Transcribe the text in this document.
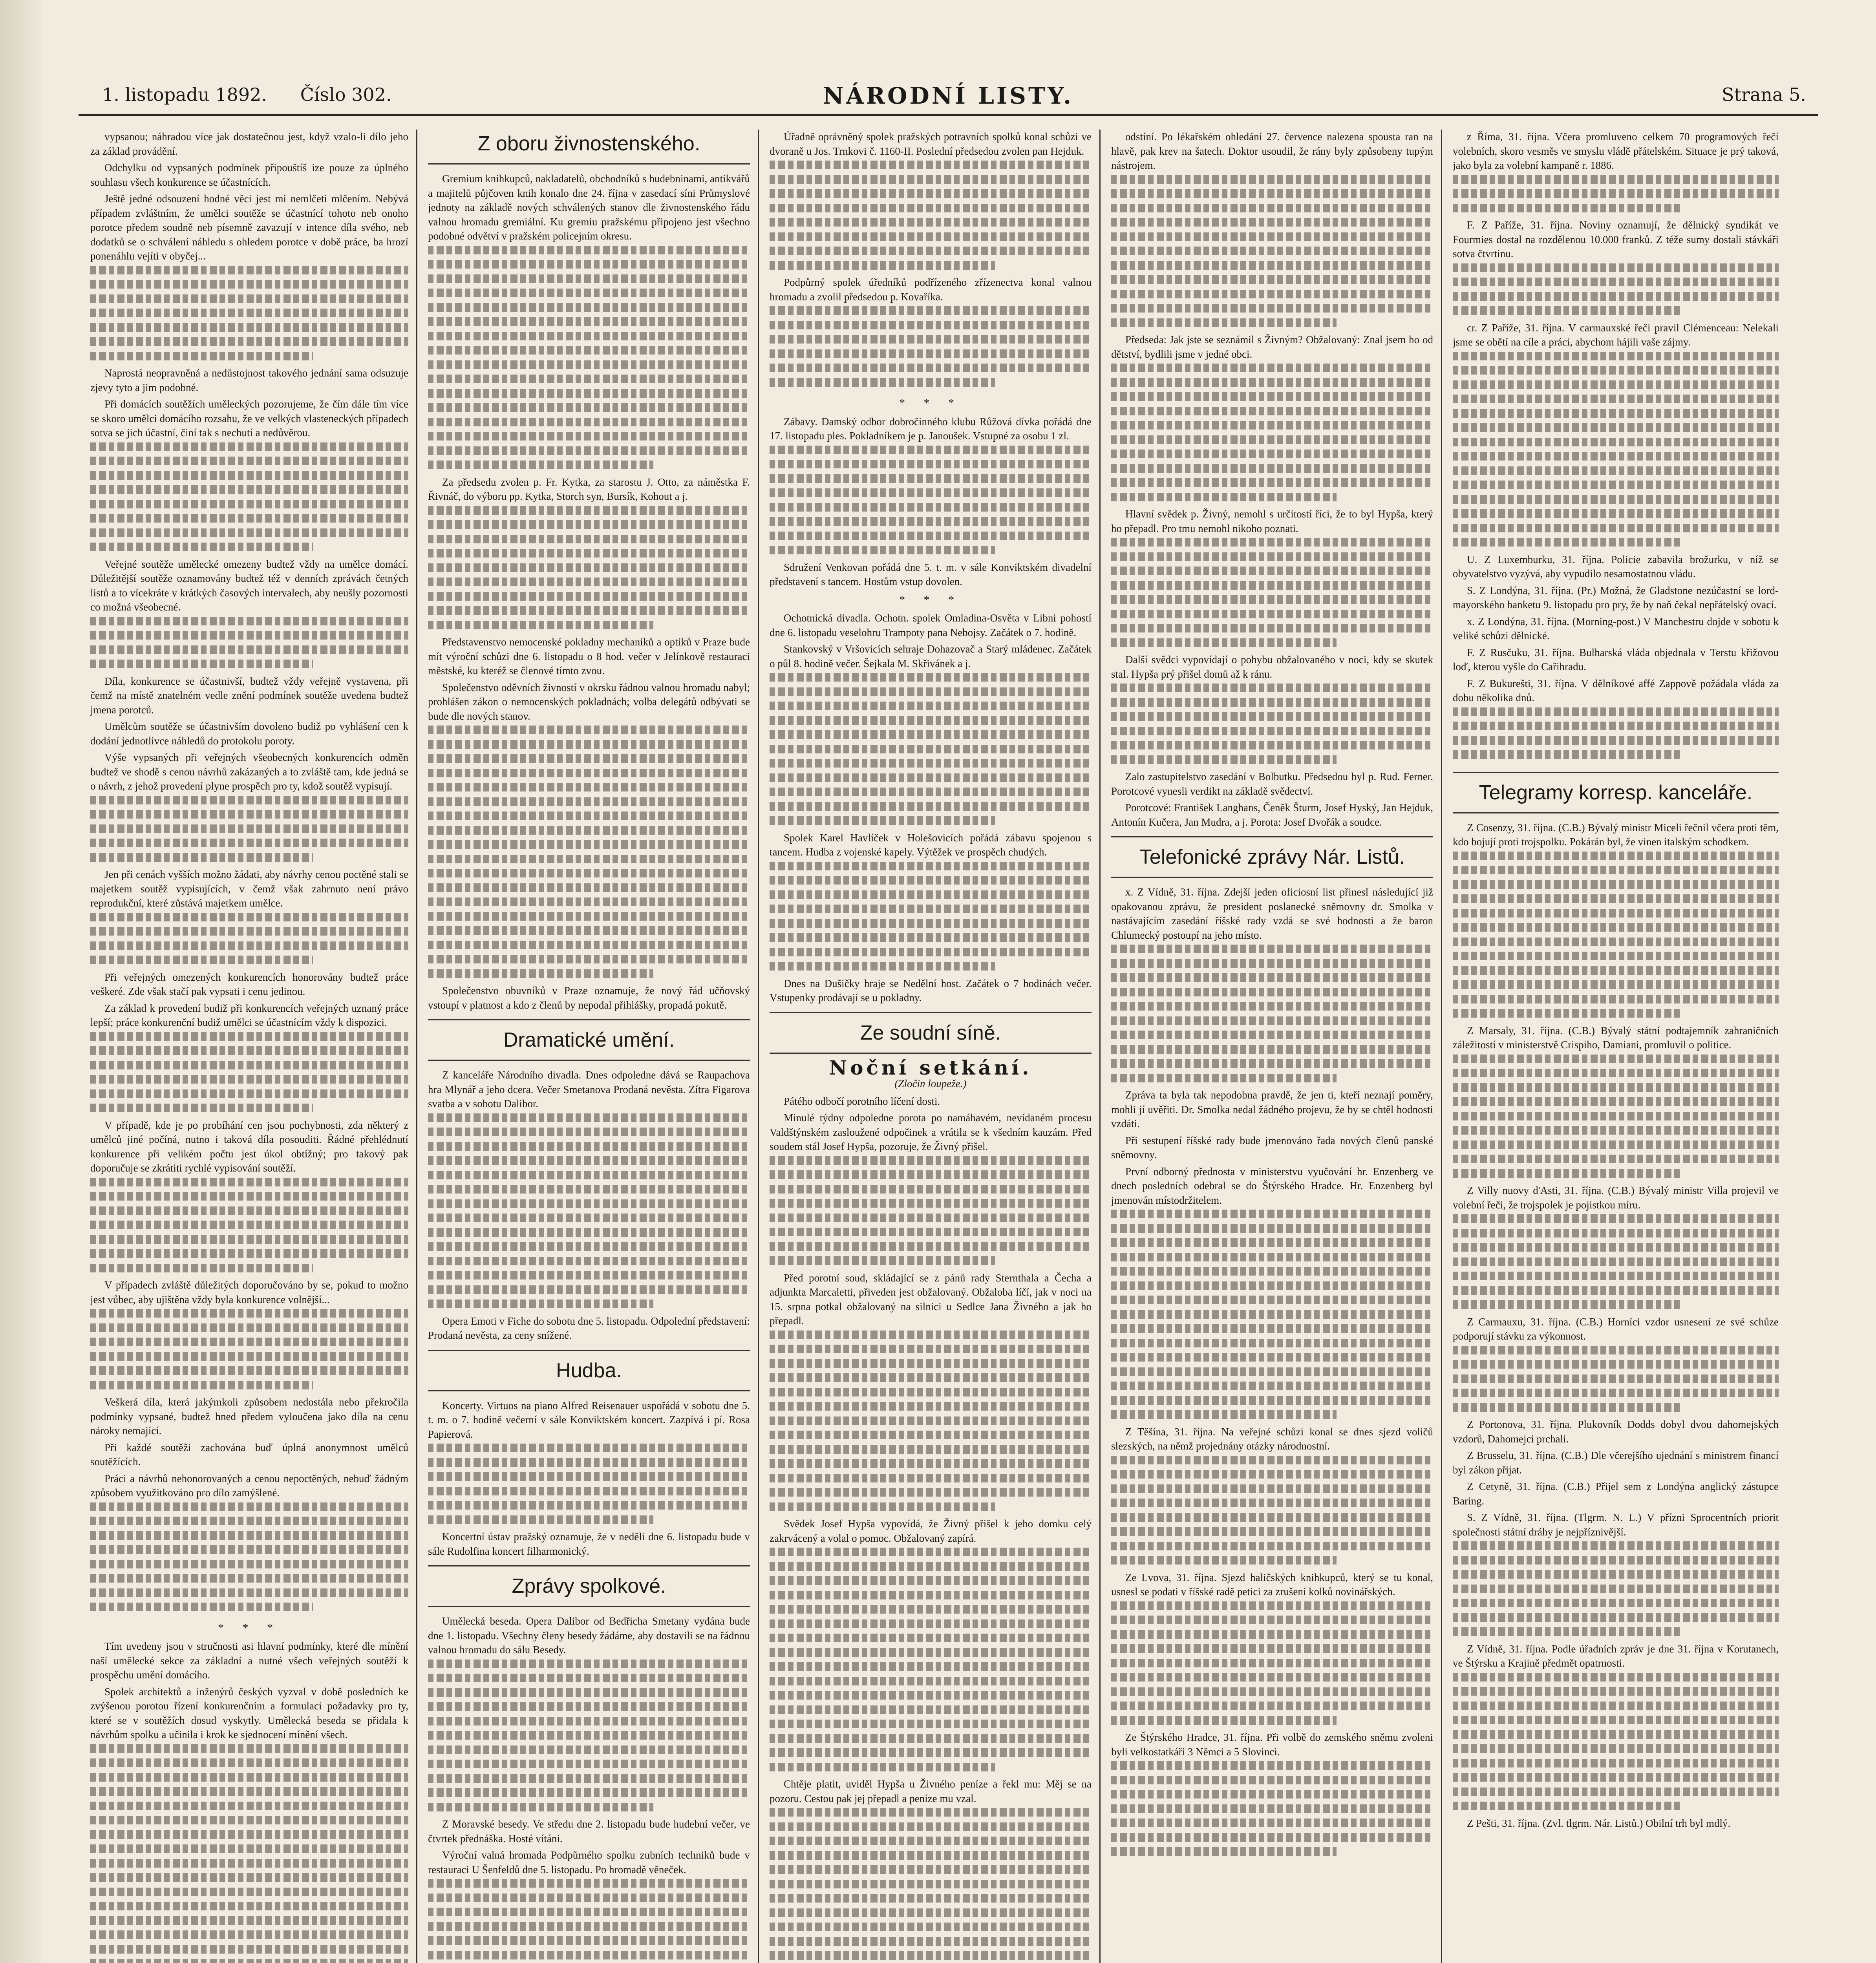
1. listopadu 1892. Číslo 302.	NÁRODNÍ LISTY.	Strana 5.

vypsanou; náhradou více jak dostatečnou jest, když vzalo-li dílo jeho za základ provádění.

Odchylku od vypsaných podmínek připouštíš ize pouze za úplného souhlasu všech konkurence se účastnících.

Ještě jedné odsouzení hodné věci jest mi nemlčeti mlčením. Nebývá případem zvláštním, že umělci soutěže se účastnící tohoto neb onoho porotce předem soudně neb písemně zavazují v intence díla svého, neb dodatků se o schválení náhledu s ohledem porotce v době práce, ba hrozí ponenáhlu vejíti v obyčej...

Naprostá neopravněná a nedůstojnost takového jednání sama odsuzuje zjevy tyto a jim podobné.

Při domácích soutěžích uměleckých pozorujeme, že čím dále tím více se skoro umělci domácího rozsahu, že ve velkých vlasteneckých případech sotva se jich účastní, činí tak s nechutí a nedůvěrou.

Veřejné soutěže umělecké omezeny budtež vždy na umělce domácí. Důležitější soutěže oznamovány budtež též v denních zprávách četných listů a to vícekráte v krátkých časových intervalech, aby neušly pozornosti co možná všeobecné.

Díla, konkurence se účastnivší, budtež vždy veřejně vystavena, při čemž na místě znatelném vedle znění podmínek soutěže uvedena budtež jmena porotců.

Umělcům soutěže se účastnivším dovoleno budiž po vyhlášení cen k dodání jednotlivce náhledů do protokolu poroty.

Výše vypsaných při veřejných všeobecných konkurencích odměn budtež ve shodě s cenou návrhů zakázaných a to zvláště tam, kde jedná se o návrh, z jehož provedení plyne prospěch pro ty, kdož soutěž vypisují.

Jen při cenách vyšších možno žádati, aby návrhy cenou poctěné stali se majetkem soutěž vypisujících, v čemž však zahrnuto není právo reprodukční, které zůstává majetkem umělce.

Při veřejných omezených konkurencích honorovány budtež práce veškeré. Zde však stačí pak vypsati i cenu jedinou.

Za základ k provedení budiž při konkurencích veřejných uznaný práce lepší; práce konkurenční budiž umělci se účastnícím vždy k dispozici.

V případě, kde je po probíhání cen jsou pochybnosti, zda některý z umělců jiné počíná, nutno i taková díla posouditi. Řádné přehlédnutí konkurence při velikém počtu jest úkol obtížný; pro takový pak doporučuje se zkrátiti rychlé vypisování soutěží.

V případech zvláště důležitých doporučováno by se, pokud to možno jest vůbec, aby ujištěna vždy byla konkurence volnější...

Veškerá díla, která jakýmkoli způsobem nedostála nebo překročila podmínky vypsané, budtež hned předem vyloučena jako díla na cenu nároky nemající.

Při každé soutěži zachována buď úplná anonymnost umělců soutěžících.

Práci a návrhů nehonorovaných a cenou nepoctěných, nebuď žádným způsobem využitkováno pro dílo zamýšlené.

* * *

Tím uvedeny jsou v stručnosti asi hlavní podmínky, které dle mínění naší umělecké sekce za základní a nutné všech veřejných soutěží k prospěchu umění domácího.

Spolek architektů a inženýrů českých vyzval v době posledních ke zvýšenou porotou řízení konkurenčním a formulaci požadavky pro ty, které se v soutěžích dosud vyskytly. Umělecká beseda se přidala k návrhům spolku a učinila i krok ke sjednocení mínění všech.

Z oboru živnostenského.

Gremium knihkupců, nakladatelů, obchodníků s hudebninami, antikvářů a majitelů půjčoven knih konalo dne 24. října v zasedací síni Průmyslové jednoty na základě nových schválených stanov dle živnostenského řádu valnou hromadu gremiální. Ku gremiu pražskému připojeno jest všechno podobné odvětví v pražském policejním okresu.

Za předsedu zvolen p. Fr. Kytka, za starostu J. Otto, za náměstka F. Řivnáč, do výboru pp. Kytka, Storch syn, Bursík, Kohout a j.

Představenstvo nemocenské pokladny mechaniků a optiků v Praze bude mít výroční schůzi dne 6. listopadu o 8 hod. večer v Jelínkově restauraci městské, ku kteréž se členové tímto zvou.

Společenstvo oděvních živností v okrsku řádnou valnou hromadu nabyl; prohlášen zákon o nemocenských pokladnách; volba delegátů odbývati se bude dle nových stanov.

Společenstvo obuvníků v Praze oznamuje, že nový řád učňovský vstoupí v platnost a kdo z členů by nepodal přihlášky, propadá pokutě.

Dramatické umění.

Z kanceláře Národního divadla. Dnes odpoledne dává se Raupachova hra Mlynář a jeho dcera. Večer Smetanova Prodaná nevěsta. Zítra Figarova svatba a v sobotu Dalibor.

Opera Emoti v Fiche do sobotu dne 5. listopadu. Odpolední představení: Prodaná nevěsta, za ceny snížené.

Hudba.

Koncerty. Virtuos na piano Alfred Reisenauer uspořádá v sobotu dne 5. t. m. o 7. hodině večerní v sále Konviktském koncert. Zazpívá i pí. Rosa Papierová.

Koncertní ústav pražský oznamuje, že v neděli dne 6. listopadu bude v sále Rudolfina koncert filharmonický.

Zprávy spolkové.

Umělecká beseda. Opera Dalibor od Bedřicha Smetany vydána bude dne 1. listopadu. Všechny členy besedy žádáme, aby dostavili se na řádnou valnou hromadu do sálu Besedy.

Z Moravské besedy. Ve středu dne 2. listopadu bude hudební večer, ve čtvrtek přednáška. Hosté vítáni.

Výroční valná hromada Podpůrného spolku zubních techniků bude v restauraci U Šenfeldů dne 5. listopadu. Po hromadě věneček.

Úřadně oprávněný spolek pražských potravních spolků konal schůzi ve dvoraně u Jos. Trnkovi č. 1160-II. Poslední předsedou zvolen pan Hejduk.

Podpůrný spolek úředníků podřízeného zřízenectva konal valnou hromadu a zvolil předsedou p. Kovaříka.

* * *

Zábavy. Damský odbor dobročinného klubu Růžová dívka pořádá dne 17. listopadu ples. Pokladníkem je p. Janoušek. Vstupné za osobu 1 zl.

Sdružení Venkovan pořádá dne 5. t. m. v sále Konviktském divadelní představení s tancem. Hostům vstup dovolen.

* * *

Ochotnická divadla. Ochotn. spolek Omladina-Osvěta v Libni pohostí dne 6. listopadu veselohru Trampoty pana Nebojsy. Začátek o 7. hodině.

Stankovský v Vršovicích sehraje Dohazovač a Starý mládenec. Začátek o půl 8. hodině večer. Šejkala M. Skřivánek a j.

Spolek Karel Havlíček v Holešovicích pořádá zábavu spojenou s tancem. Hudba z vojenské kapely. Výtěžek ve prospěch chudých.

Dnes na Dušičky hraje se Nedělní host. Začátek o 7 hodinách večer. Vstupenky prodávají se u pokladny.

Ze soudní síně.
Noční setkání.
(Zločin loupeže.)

Pátého odbočí porotního líčení dosti.

Minulé týdny odpoledne porota po namáhavém, nevídaném procesu Valdštýnském zasloužené odpočinek a vrátila se k všedním kauzám. Před soudem stál Josef Hypša, pozoruje, že Živný přišel.

Před porotní soud, skládající se z pánů rady Sternthala a Čecha a adjunkta Marcaletti, přiveden jest obžalovaný. Obžaloba líčí, jak v noci na 15. srpna potkal obžalovaný na silnici u Sedlce Jana Živného a jak ho přepadl.

Svědek Josef Hypša vypovídá, že Živný přišel k jeho domku celý zakrvácený a volal o pomoc. Obžalovaný zapírá.

Chtěje platit, uviděl Hypša u Živného peníze a řekl mu: Měj se na pozoru. Cestou pak jej přepadl a peníze mu vzal.

odstíní. Po lékařském ohledání 27. července nalezena spousta ran na hlavě, pak krev na šatech. Doktor usoudil, že rány byly způsobeny tupým nástrojem.

Předseda: Jak jste se seznámil s Živným? Obžalovaný: Znal jsem ho od dětství, bydlili jsme v jedné obci.

Hlavní svědek p. Živný, nemohl s určitostí říci, že to byl Hypša, který ho přepadl. Pro tmu nemohl nikoho poznati.

Další svědci vypovídají o pohybu obžalovaného v noci, kdy se skutek stal. Hypša prý přišel domů až k ránu.

Zalo zastupitelstvo zasedání v Bolbutku. Předsedou byl p. Rud. Ferner. Porotcové vynesli verdikt na základě svědectví.

Porotcové: František Langhans, Čeněk Šturm, Josef Hyský, Jan Hejduk, Antonín Kučera, Jan Mudra, a j. Porota: Josef Dvořák a soudce.

Telefonické zprávy Nár. Listů.

x. Z Vídně, 31. října. Zdejší jeden oficiosní list přinesl následující již opakovanou zprávu, že president poslanecké sněmovny dr. Smolka v nastávajícím zasedání říšské rady vzdá se své hodnosti a že baron Chlumecký postoupí na jeho místo.

Zpráva ta byla tak nepodobna pravdě, že jen ti, kteří neznají poměry, mohli jí uvěřiti. Dr. Smolka nedal žádného projevu, že by se chtěl hodnosti vzdáti.

Při sestupení říšské rady bude jmenováno řada nových členů panské sněmovny.

První odborný přednosta v ministerstvu vyučování hr. Enzenberg ve dnech posledních odebral se do Štýrského Hradce. Hr. Enzenberg byl jmenován místodržitelem.

Z Těšína, 31. října. Na veřejné schůzi konal se dnes sjezd voličů slezských, na němž projednány otázky národnostní.

Ze Lvova, 31. října. Sjezd haličských knihkupců, který se tu konal, usnesl se podati v říšské radě petici za zrušení kolků novinářských.

Ze Štýrského Hradce, 31. října. Při volbě do zemského sněmu zvoleni byli velkostatkáři 3 Němci a 5 Slovinci.

z Říma, 31. října. Včera promluveno celkem 70 programových řečí volebních, skoro vesměs ve smyslu vládě přátelském. Situace je prý taková, jako byla za volební kampaně r. 1886.

F. Z Paříže, 31. října. Noviny oznamují, že dělnický syndikát ve Fourmies dostal na rozdělenou 10.000 franků. Z téže sumy dostali stávkáři sotva čtvrtinu.

cr. Z Paříže, 31. října. V carmauxské řeči pravil Clémenceau: Nelekali jsme se obětí na cíle a práci, abychom hájili vaše zájmy.

U. Z Luxemburku, 31. října. Policie zabavila brožurku, v níž se obyvatelstvo vyzývá, aby vypudilo nesamostatnou vládu.

S. Z Londýna, 31. října. (Pr.) Možná, že Gladstone nezúčastní se lord-mayorského banketu 9. listopadu pro pry, že by naň čekal nepřátelský ovací.

x. Z Londýna, 31. října. (Morning-post.) V Manchestru dojde v sobotu k veliké schůzi dělnické.

F. Z Rusčuku, 31. října. Bulharská vláda objednala v Terstu křižovou loď, kterou vyšle do Cařihradu.

F. Z Bukurešti, 31. října. V dělníkové affé Zappově požádala vláda za dobu několika dnů.

Telegramy korresp. kanceláře.

Z Cosenzy, 31. října. (C.B.) Bývalý ministr Miceli řečnil včera proti těm, kdo bojují proti trojspolku. Pokárán byl, že vinen italským schodkem.

Z Marsaly, 31. října. (C.B.) Bývalý státní podtajemník zahraničních záležitostí v ministerstvě Crispiho, Damiani, promluvil o politice.

Z Villy nuovy d'Asti, 31. října. (C.B.) Bývalý ministr Villa projevil ve volební řeči, že trojspolek je pojistkou míru.

Z Carmauxu, 31. října. (C.B.) Horníci vzdor usnesení ze své schůze podporují stávku za výkonnost.

Z Portonova, 31. října. Plukovník Dodds dobyl dvou dahomejských vzdorů, Dahomejci prchali.

Z Brusselu, 31. října. (C.B.) Dle včerejšího ujednání s ministrem financí byl zákon přijat.

Z Cetyně, 31. října. (C.B.) Přijel sem z Londýna anglický zástupce Baring.

S. Z Vídně, 31. října. (Tlgrm. N. L.) V přízni Sprocentních priorit společnosti státní dráhy je nejpříznivější.

Z Vídně, 31. října. Podle úřadních zpráv je dne 31. října v Korutanech, ve Štýrsku a Krajině předmět opatrnosti.

Z Pešti, 31. října. (Zvl. tlgrm. Nár. Listů.) Obilní trh byl mdlý.
